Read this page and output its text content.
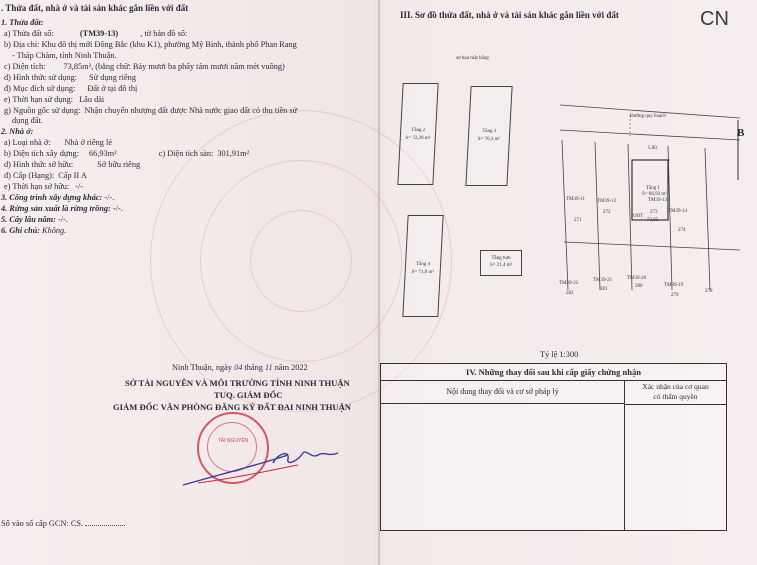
. Thửa đất, nhà ở và tài sản khác gắn liền với đất
1. Thửa đất:
a) Thửa đất số:	(TM39-13)	, tờ bản đồ số:
b) Địa chỉ: Khu đô thị mới Đông Bắc (khu K1), phường Mỹ Bình, thành phố Phan Rang
- Tháp Chàm, tỉnh Ninh Thuận.
c) Diện tích: 73,85m², (bằng chữ: Bảy mươi ba phẩy tám mươi năm mét vuông)
d) Hình thức sử dụng: Sử dụng riêng
đ) Mục đích sử dụng: Đất ở tại đô thị
e) Thời hạn sử dụng: Lâu dài
g) Nguồn gốc sử dụng: Nhận chuyển nhượng đất được Nhà nước giao đất có thu tiền sử
dụng đất.
2. Nhà ở:
a) Loại nhà ở: Nhà ở riêng lẻ
b) Diện tích xây dựng: 66,93m²	c) Diện tích sàn: 301,91m²
d) Hình thức sở hữu:	Sở hữu riêng
đ) Cấp (Hạng): Cấp II A
e) Thời hạn sở hữu: -/-
3. Công trình xây dựng khác: -/-.
4. Rừng sản xuất là rừng trồng: -/-.
5. Cây lâu năm: -/-.
6. Ghi chú: Không.
Ninh Thuận, ngày 04 tháng 11 năm 2022
SỞ TÀI NGUYÊN VÀ MÔI TRƯỜNG TỈNH NINH THUẬN
TUQ. GIÁM ĐỐC
GIÁM ĐỐC VĂN PHÒNG ĐĂNG KÝ ĐẤT ĐAI NINH THUẬN
TÀI NGUYÊN
Số vào sổ cấp GCN: CS.
III. Sơ đồ thửa đất, nhà ở và tài sản khác gắn liền với đất	CN
sơ họa mặt bằng
Tầng 2
S= 72,28 m²
Tầng 3
S= 70,3 m²
Tầng 4
S= 71,0 m²
Tầng tum
S= 21,4 m²
Đường quy hoạch
5.00
Tầng 1
S= 66,93 m²
TM39-13
273
ODT
73,85
TM39-11
271
TM39-12
272	TM39-14
274
TM39-22
282
TM39-21
281
TM39-20
280	TM39-19
279
278
B
Tỷ lệ 1:300
IV. Những thay đổi sau khi cấp giấy chứng nhận
Nội dung thay đổi và cơ sở pháp lý
Xác nhận của cơ quan
có thẩm quyền
